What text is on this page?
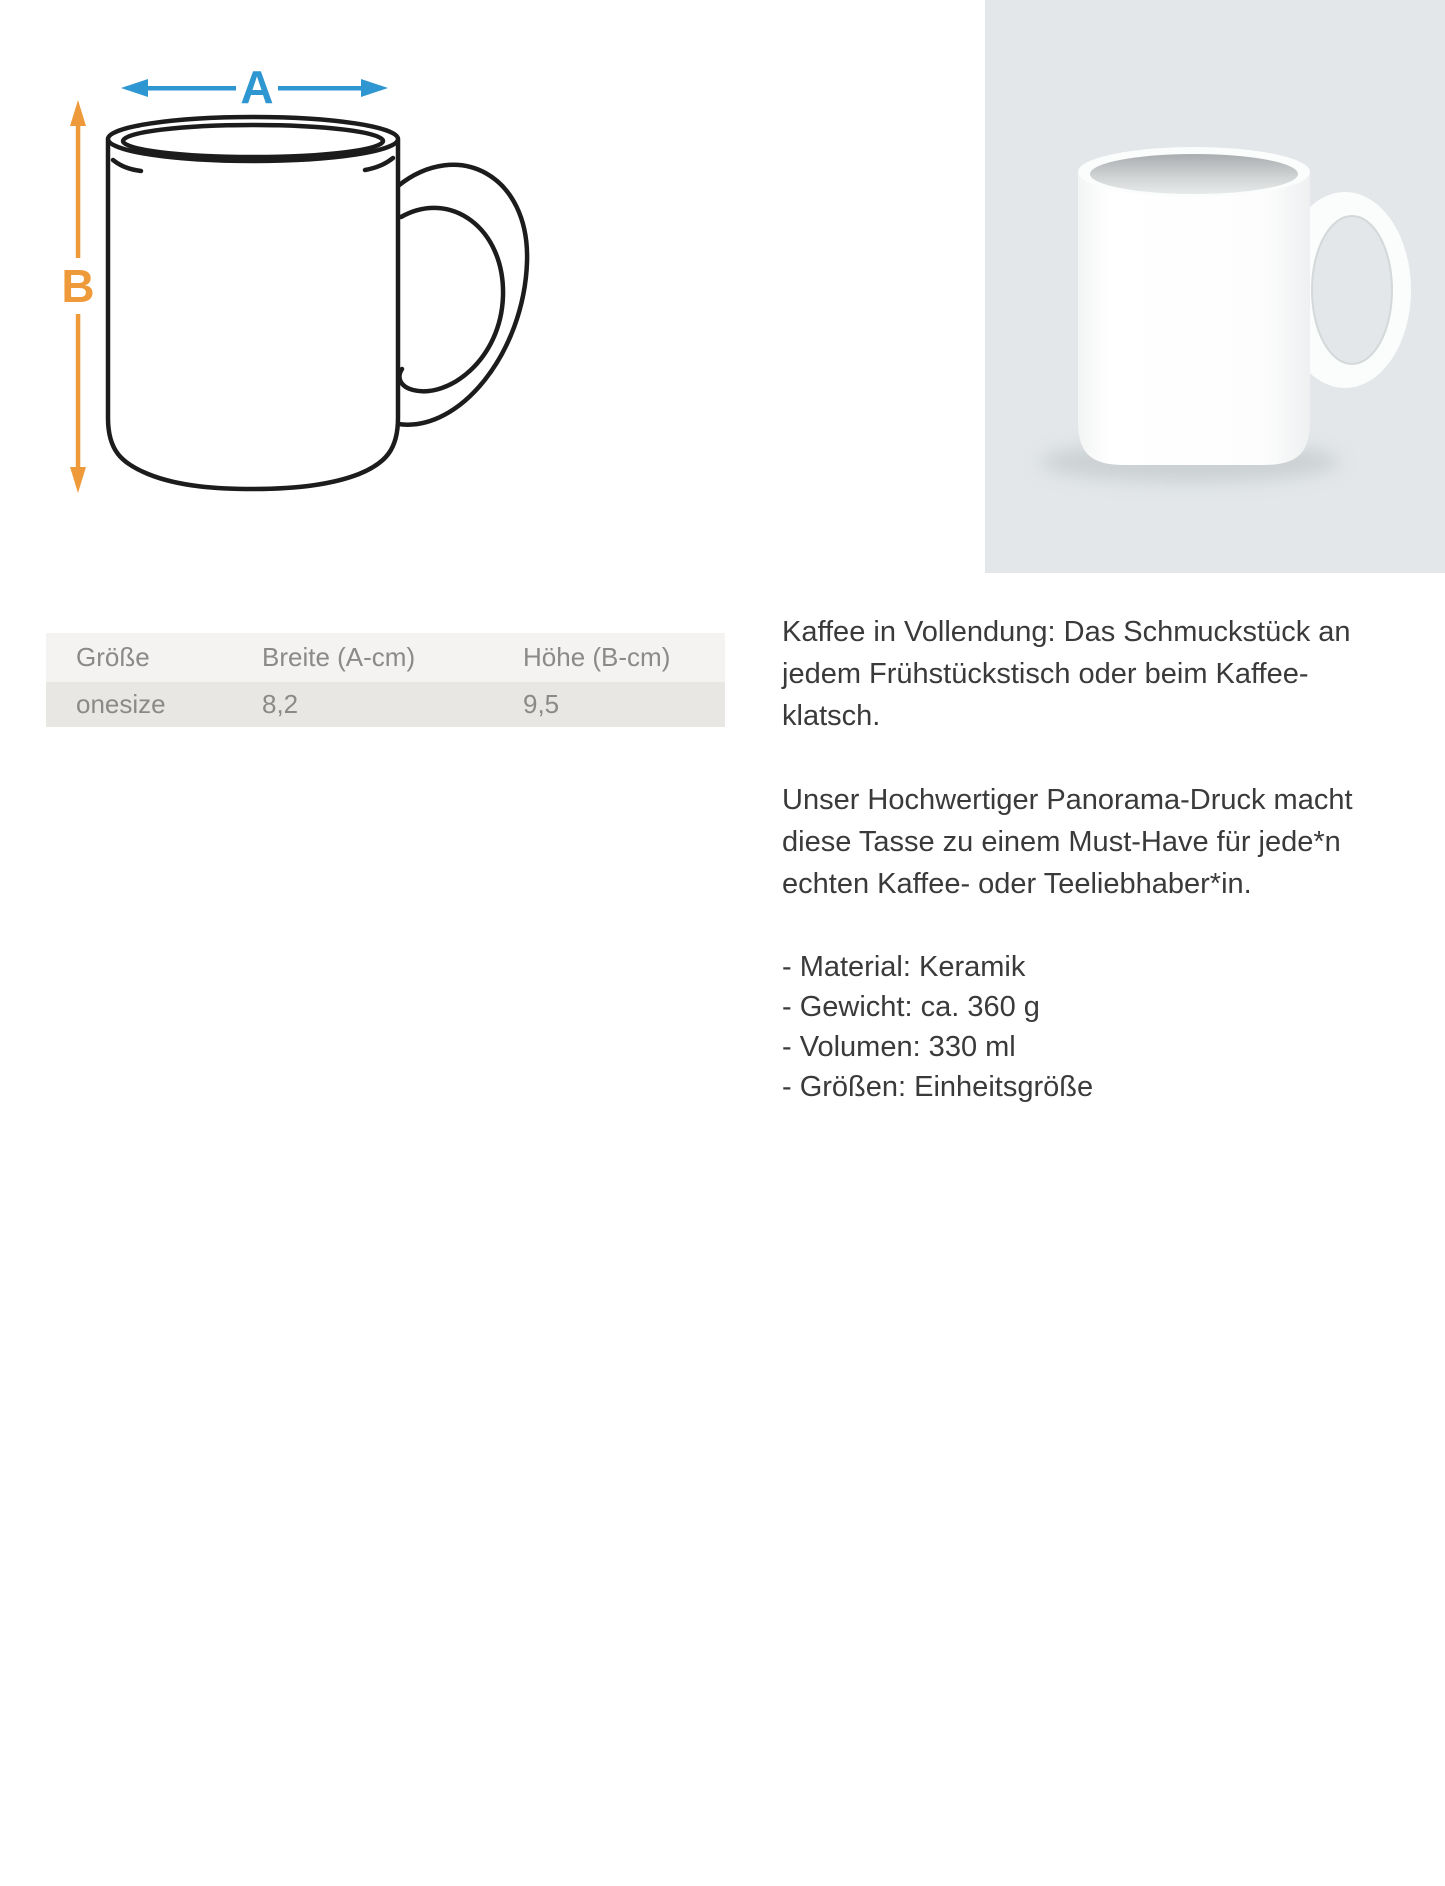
A
B
Größe	Breite (A-cm)	Höhe (B-cm)
onesize	8,2	9,5

Kaffee in Vollendung: Das Schmuckstück an
jedem Frühstückstisch oder beim Kaffee-
klatsch.

Unser Hochwertiger Panorama-Druck macht
diese Tasse zu einem Must-Have für jede*n
echten Kaffee- oder Teeliebhaber*in.

- Material: Keramik
- Gewicht: ca. 360 g
- Volumen: 330 ml
- Größen: Einheitsgröße
